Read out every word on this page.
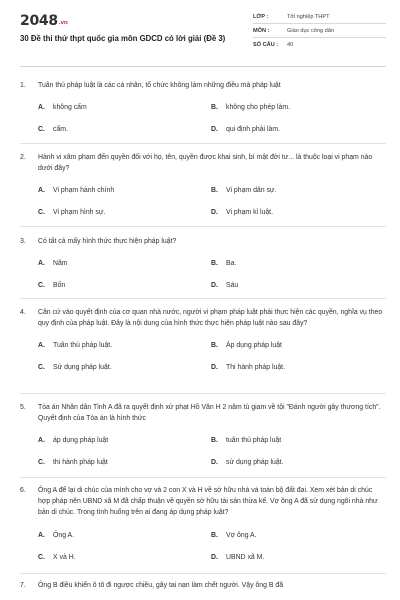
2048.vn
30 Đề thi thử thpt quốc gia môn GDCD có lời giải (Đề 3)
LỚP :	Tốt nghiệp THPT
MÔN :	Giáo dục công dân
SỐ CÂU :	40
1.	Tuân thủ pháp luật là các cá nhân, tổ chức không làm những điều mà pháp luật
A. không cấm	B. không cho phép làm.
C. cấm.	D. qui định phải làm.
2.	Hành vi xâm phạm đến quyền đối với họ, tên, quyền được khai sinh, bí mật đời tư... là thuộc loại vi phạm nào dưới đây?
A. Vi phạm hành chính	B. Vi phạm dân sự.
C. Vi phạm hình sự.	D. Vi phạm kỉ luật.
3.	Có tất cả mấy hình thức thực hiện pháp luật?
A. Năm	B. Ba.
C. Bốn	D. Sáu
4.	Căn cứ vào quyết định của cơ quan nhà nước, người vi phạm pháp luật phải thực hiện các quyền, nghĩa vụ theo quy định của pháp luật. Đây là nội dung của hình thức thực hiện pháp luật nào sau đây?
A. Tuân thủ pháp luật.	B. Áp dụng pháp luật
C. Sử dụng pháp luật.	D. Thi hành pháp luật.
5.	Tòa án Nhân dân Tỉnh A đã ra quyết định xử phạt Hồ Văn H 2 năm tù giam về tội "Đánh người gây thương tích". Quyết định của Tòa án là hình thức
A. áp dụng pháp luật	B. tuân thủ pháp luật
C. thi hành pháp luật	D. sử dụng pháp luật.
6.	Ông A để lại di chúc của mình cho vợ và 2 con X và H về sở hữu nhà và toàn bộ đất đai. Xem xét bản di chúc hợp pháp nên UBND xã M đã chấp thuận về quyền sở hữu tài sản thừa kế. Vợ ông A đã sử dụng ngôi nhà như bản di chúc. Trong tình huống trên ai đang áp dụng pháp luật?
A. Ông A.	B. Vợ ông A.
C. X và H.	D. UBND xã M.
7.	Ông B điều khiển ô tô đi ngược chiều, gây tai nạn làm chết người. Vậy ông B đã
